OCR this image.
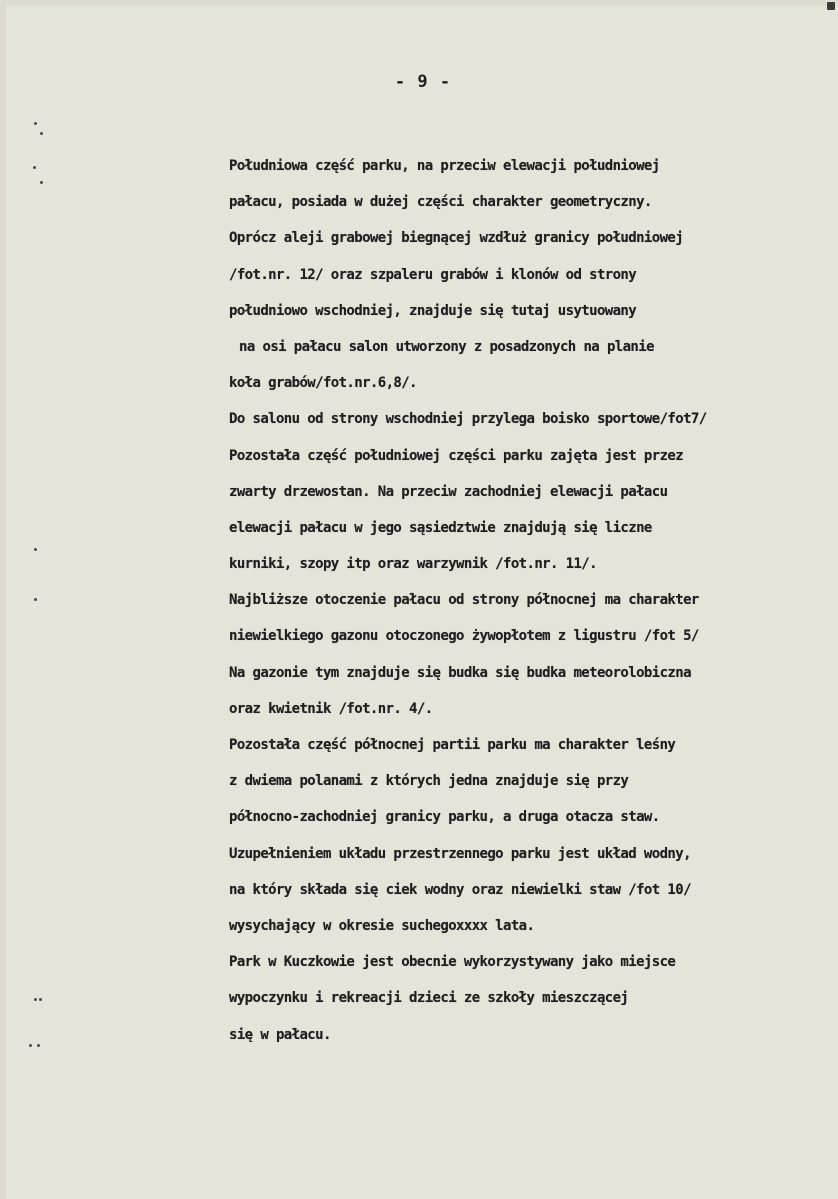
- 9 -
Południowa część parku, na przeciw elewacji południowej
pałacu, posiada w dużej części charakter geometryczny.
Oprócz aleji grabowej biegnącej wzdłuż granicy południowej
/fot.nr. 12/ oraz szpaleru grabów i klonów od strony
południowo wschodniej, znajduje się tutaj usytuowany
na osi pałacu salon utworzony z posadzonych na planie
koła grabów/fot.nr.6,8/.
Do salonu od strony wschodniej przylega boisko sportowe/fot7/
Pozostała część południowej części parku zajęta jest przez
zwarty drzewostan. Na przeciw zachodniej elewacji pałacu
elewacji pałacu w jego sąsiedztwie znajdują się liczne
kurniki, szopy itp oraz warzywnik /fot.nr. 11/.
Najbliższe otoczenie pałacu od strony północnej ma charakter
niewielkiego gazonu otoczonego żywopłotem z ligustru /fot 5/
Na gazonie tym znajduje się budka się budka meteorolobiczna
oraz kwietnik /fot.nr. 4/.
Pozostała część północnej partii parku ma charakter leśny
z dwiema polanami z których jedna znajduje się przy
północno-zachodniej granicy parku, a druga otacza staw.
Uzupełnieniem układu przestrzennego parku jest układ wodny,
na który składa się ciek wodny oraz niewielki staw /fot 10/
wysychający w okresie suchegoxxxx lata.
Park w Kuczkowie jest obecnie wykorzystywany jako miejsce
wypoczynku i rekreacji dzieci ze szkoły mieszczącej
się w pałacu.
